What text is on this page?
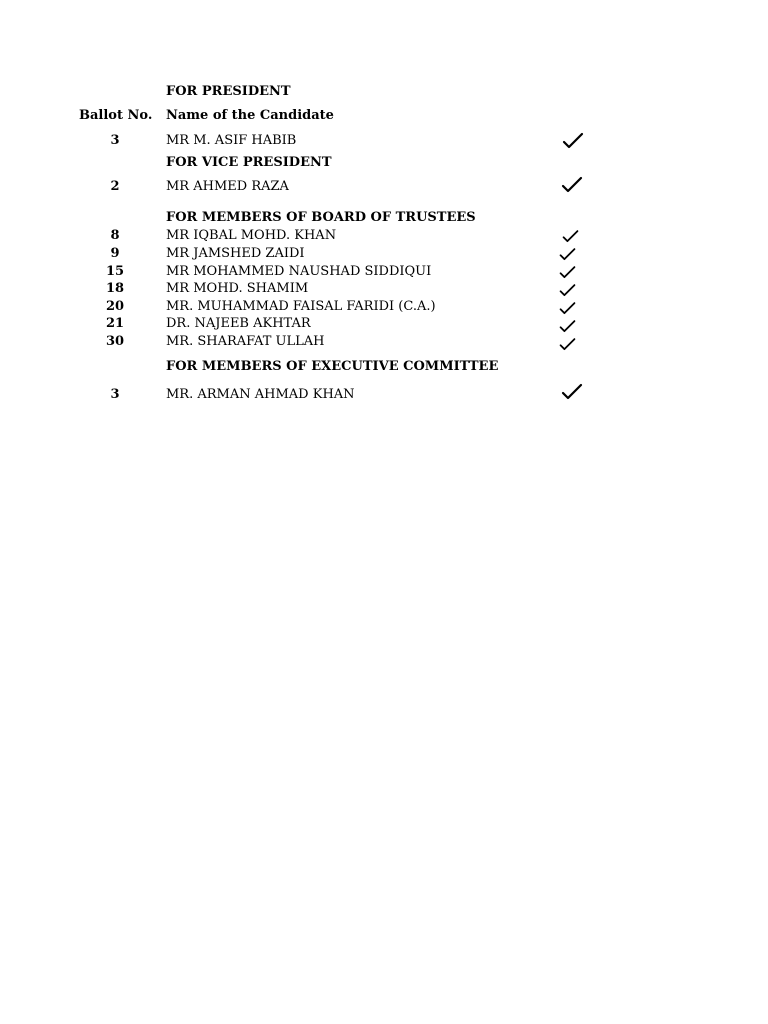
FOR PRESIDENT
Ballot No. Name of the Candidate
3	MR M. ASIF HABIB
FOR VICE PRESIDENT
2	MR AHMED RAZA
FOR MEMBERS OF BOARD OF TRUSTEES
8	MR IQBAL MOHD. KHAN
9	MR JAMSHED ZAIDI
15	MR MOHAMMED NAUSHAD SIDDIQUI
18	MR MOHD. SHAMIM
20	MR. MUHAMMAD FAISAL FARIDI (C.A.)
21	DR. NAJEEB AKHTAR
30	MR. SHARAFAT ULLAH
FOR MEMBERS OF EXECUTIVE COMMITTEE
3	MR. ARMAN AHMAD KHAN
